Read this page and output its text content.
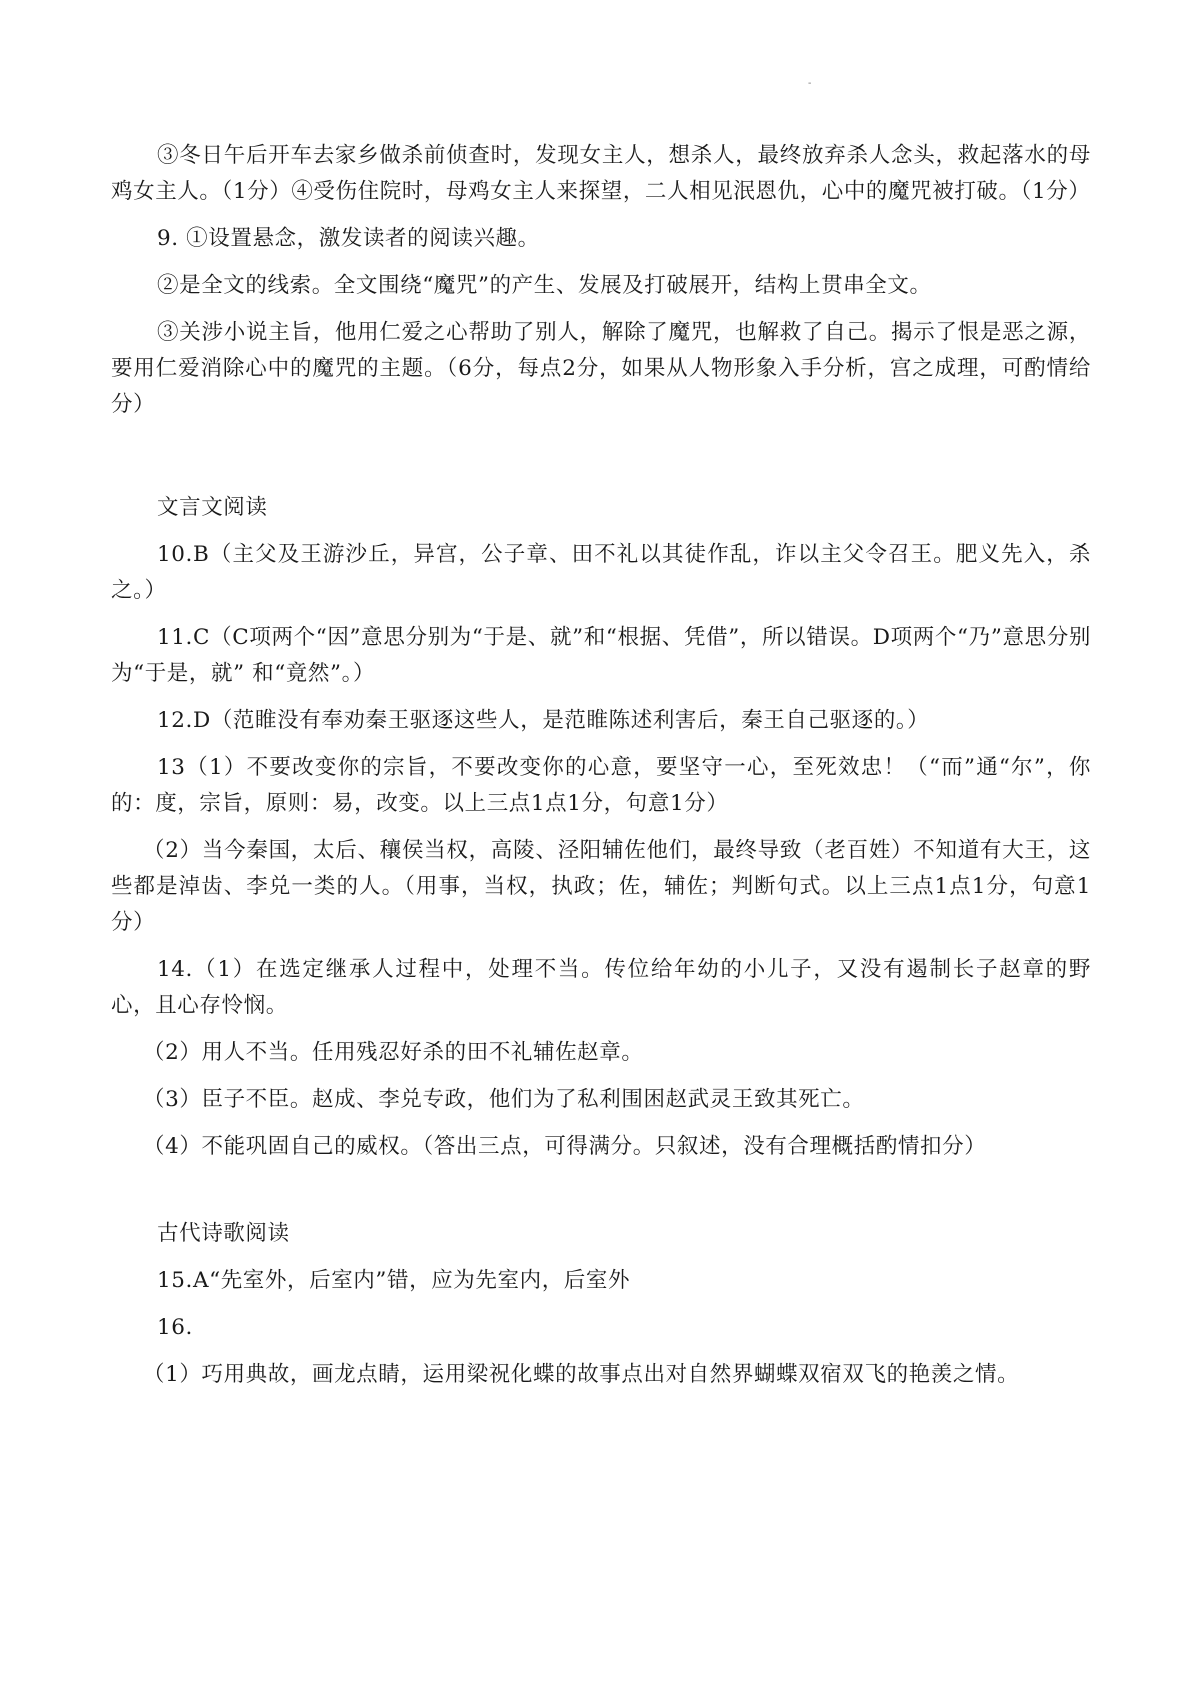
-

③冬日午后开车去家乡做杀前侦查时，发现女主人，想杀人，最终放弃杀人念头，救起落水的母鸡女主人。（1分）④受伤住院时，母鸡女主人来探望，二人相见泯恩仇，心中的魔咒被打破。（1分）

9. ①设置悬念，激发读者的阅读兴趣。

②是全文的线索。全文围绕“魔咒”的产生、发展及打破展开，结构上贯串全文。

③关涉小说主旨，他用仁爱之心帮助了别人，解除了魔咒，也解救了自己。揭示了恨是恶之源，要用仁爱消除心中的魔咒的主题。（6分，每点2分，如果从人物形象入手分析，宫之成理，可酌情给分）

文言文阅读

10.B（主父及王游沙丘，异宫，公子章、田不礼以其徒作乱，诈以主父令召王。肥义先入，杀之。）

11.C（C项两个“因”意思分别为“于是、就”和“根据、凭借”，所以错误。D项两个“乃”意思分别为“于是，就” 和“竟然”。）

12.D（范睢没有奉劝秦王驱逐这些人，是范睢陈述利害后，秦王自己驱逐的。）

13（1）不要改变你的宗旨，不要改变你的心意，要坚守一心，至死效忠！（“而”通“尔”，你的：度，宗旨，原则：易，改变。以上三点1点1分，句意1分）

（2）当今秦国，太后、穰侯当权，高陵、泾阳辅佐他们，最终导致（老百姓）不知道有大王，这些都是淖齿、李兑一类的人。（用事，当权，执政；佐，辅佐；判断句式。以上三点1点1分，句意1分）

14.（1）在选定继承人过程中，处理不当。传位给年幼的小儿子，又没有遏制长子赵章的野心，且心存怜悯。

（2）用人不当。任用残忍好杀的田不礼辅佐赵章。

（3）臣子不臣。赵成、李兑专政，他们为了私利围困赵武灵王致其死亡。

（4）不能巩固自己的威权。（答出三点，可得满分。只叙述，没有合理概括酌情扣分）

古代诗歌阅读

15.A“先室外，后室内”错，应为先室内，后室外

16.

（1）巧用典故，画龙点睛，运用梁祝化蝶的故事点出对自然界蝴蝶双宿双飞的艳羡之情。
